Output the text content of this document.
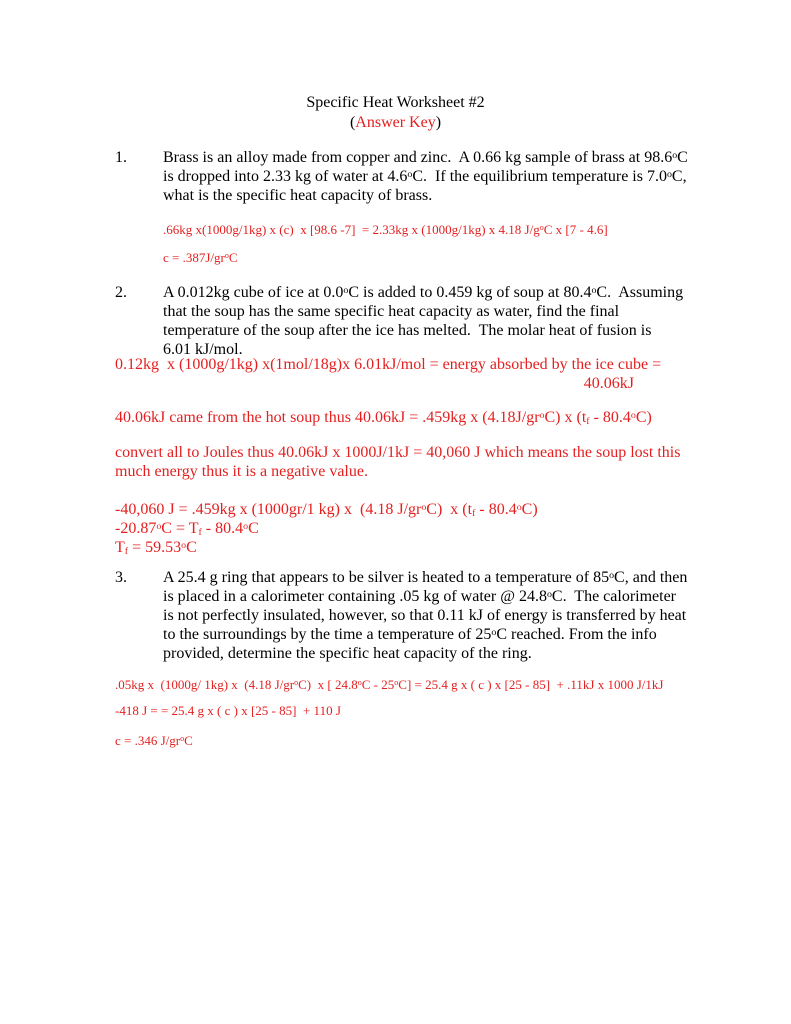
Specific Heat Worksheet #2
(Answer Key)
1.	Brass is an alloy made from copper and zinc.  A 0.66 kg sample of brass at 98.6$^o$C
is dropped into 2.33 kg of water at 4.6$^o$C.  If the equilibrium temperature is 7.0$^o$C,
what is the specific heat capacity of brass.
.66kg x(1000g/1kg) x (c)  x [98.6 -7]  = 2.33kg x (1000g/1kg) x 4.18 $J/g^oC$ x [7 - 4.6]
$c = .387J/gr^oC$
2.	A 0.012kg cube of ice at 0.0$^o$C is added to 0.459 kg of soup at 80.4$^o$C.  Assuming
that the soup has the same specific heat capacity as water, find the final
temperature of the soup after the ice has melted.  The molar heat of fusion is
6.01 kJ/mol.
0.12kg  x (1000g/1kg) x(1mol/18g)x 6.01kJ/mol = energy absorbed by the ice cube =
40.06kJ
40.06kJ came from the hot soup thus 40.06kJ = .459kg x $(4.18J/gr^oC)$ x $(t_f - 80.4^oC)$
convert all to Joules thus 40.06kJ x 1000J/1kJ = 40,060 J which means the soup lost this
much energy thus it is a negative value.
-40,060 J = .459kg x (1000gr/1 kg) x  (4.18 $J/gr^oC$)  x $(t_f - 80.4^oC)$
$-20.87^oC = T_f - 80.4^oC$
$T_f = 59.53^oC$
3.	A 25.4 g ring that appears to be silver is heated to a temperature of 85$^o$C, and then
is placed in a calorimeter containing .05 kg of water @ 24.8$^o$C.  The calorimeter
is not perfectly insulated, however, so that 0.11 kJ of energy is transferred by heat
to the surroundings by the time a temperature of 25$^o$C reached. From the info
provided, determine the specific heat capacity of the ring.
.05kg x  (1000g/ 1kg) x  (4.18 $J/gr^oC$)  x [ $24.8^oC - 25^oC] = 25.4$ g x ( c ) x [25 - 85]  + .11kJ x 1000 J/1kJ
-418 J = = 25.4 g x ( c ) x [25 - 85]  + 110 J
c = .346 $J/gr^oC$
